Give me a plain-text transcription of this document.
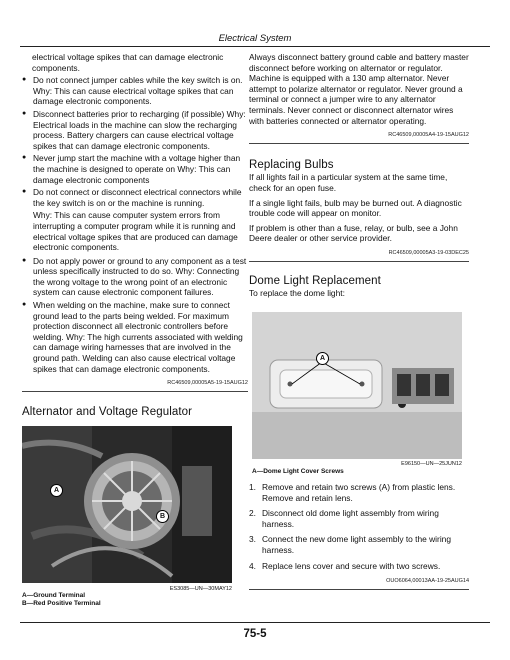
Electrical System

electrical voltage spikes that can damage electronic components.

● Do not connect jumper cables while the key switch is on. Why: This can cause electrical voltage spikes that can damage electronic components.
● Disconnect batteries prior to recharging (if possible) Why: Electrical loads in the machine can slow the recharging process. Battery chargers can cause electrical voltage spikes that can damage electronic components.
● Never jump start the machine with a voltage higher than the machine is designed to operate on Why: This can damage electronic components
● Do not connect or disconnect electrical connectors while the key switch is on or the machine is running.

Why: This can cause computer system errors from interrupting a computer program while it is running and electrical voltage spikes that are produced can damage electronic components.

● Do not apply power or ground to any component as a test unless specifically instructed to do so. Why: Connecting the wrong voltage to the wrong point of an electronic system can cause electronic component failures.
● When welding on the machine, make sure to connect ground lead to the parts being welded. For maximum protection disconnect all electronic controllers before welding. Why: The high currents associated with welding can damage wiring harnesses that are involved in the ground path. Welding can also cause electrical voltage spikes that can damage electronic components.

RC46509,00005A5-19-15AUG12

Alternator and Voltage Regulator
A
B
ES3085—UN—30MAY12
A—Ground Terminal
B—Red Positive Terminal

Always disconnect battery ground cable and battery master disconnect before working on alternator or regulator. Machine is equipped with a 130 amp alternator. Never attempt to polarize alternator or regulator. Never ground a terminal or connect a jumper wire to any alternator terminals. Never connect or disconnect alternator wires with batteries connected or alternator operating.

RC46509,00005A4-19-15AUG12

Replacing Bulbs

If all lights fail in a particular system at the same time, check for an open fuse.

If a single light fails, bulb may be burned out. A diagnostic trouble code will appear on monitor.

If problem is other than a fuse, relay, or bulb, see a John Deere dealer or other service provider.

RC46509,00005A3-19-03DEC25

Dome Light Replacement

To replace the dome light:

A
E96150—UN—25JUN12
A—Dome Light Cover Screws
1. Remove and retain two screws (A) from plastic lens. Remove and retain lens.
2. Disconnect old dome light assembly from wiring harness.
3. Connect the new dome light assembly to the wiring harness.
4. Replace lens cover and secure with two screws.

OUO6064,00013AA-19-25AUG14

75-5
